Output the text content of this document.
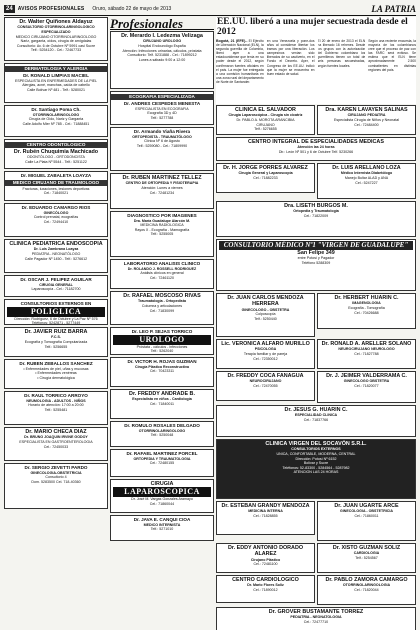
24	AVISOS PROFESIONALES Oruro, sábado 22 de mayo de 2013	LA PATRIA
Profesionales	EE.UU. liberó a una mujer secuestrada desde el 2012
Bogotá, 21 (EFE).- El Ejército de Liberación Nacional (ELN), la segunda guerrilla de Colombia, liberó ayer a una estadounidense que tenía en su poder desde el 2012, según confirmaron fuentes oficiales en el país. La mujer fue entregada a una comisión humanitaria en una zona rural del departamento de Norte de Santander.
en una Venezuela y pone-dos años al considerar libertar los tramos por una liberación. Los campesinos venían sido liberados de su cautiverio, en el Fondo el Decreto. Ayer, el Congreso de los EE.UU. indicó que la mujer se encuentra en buen estado de salud.
El 20 de enero de 2013 el ELN ha liberado 16 rehenes. Desde los grupos con la autorización del Gobierno colombiano los guerrilleros tienen un total de seis personas secuestradas, según fuentes locales.
Según una reciente encuesta, la mayoría de los colombianos cree que el proceso de paz con las FARC será exitoso. Se estima que el ELN tiene aproximadamente 2.500 combatientes en distintas regiones del país.
Dr. Walter Quiñones Aldayuz
CONSULTORIO OTORRINOLARINGOLOGICO ESPECIALIZADO
MEDICO CIRUJANO OTORRINOLARINGOLOGO
Nariz, garganta, oídos, cirugía de amígdalas
Consultorio: Av. 6 de Octubre Nº 5991 casi Sucre
Telf.: 5254120 - Cel.: 72467733
DERMATOLOGIA Y ALERGIA
Dr. RONALD LIMPIAS MACIEL
ESPECIALISTA EN ENFERMEDADES DE LA PIEL
Alergias, acné, manchas, caída de cabello
Calle Bolívar Nº 481 - Telf.: 5280021
Dr. Santiago Poma Ch.
OTORRINOLARINGOLOGO
Cirugía de Oído, Nariz y Garganta
Calle Adolfo Mier Nº 785 - Cel.: 71888451
CENTRO ODONTOLOGICO
Dr. Rubén Chuquimia Machicado
ODONTÓLOGO - ORTODONCISTA
Calle La Plata Nº 5544 - Telf.: 5251122
Dr. MIGUEL ZABALETA LOAYZA
MEDICO CIRUJANO DE TRAUMOLOGO
Fracturas, luxaciones, lesiones deportivas
Cel.: 71840021
Dr. EDUARDO CAMARGO RIOS
GINECÓLOGO
Control prenatal, ecografías
Cel.: 72494410
CLINICA PEDIATRICA ENDOSCOPIA
Dr. Luis Zambrana Loayza
PEDIATRA - NEONATÓLOGO
Calle Pagador Nº 1450 - Telf.: 5276612
Dr. OSCAR J. FELIPEZ AGUILAR
CIRUGIA GENERAL
Laparoscopía - Cel.: 71182700
CONSULTORIOS EXTERNOS EN
POLIGLICA
Dirección: Rodríguez, 6 de Octubre y La Paz Nº 576
Teléfonos: 5242871 - 5277449
Dr. JAVIER RUIZ BARRA
F.C.S.
Ecografía y Tomografía Computarizada
Telf.: 5256655
Dr. RUBEN ZEBALLOS SANCHEZ
• Enfermedades de piel, uñas y mucosas
• Enfermedades venéreas
• Cirugía dermatológica
Dr. RAUL TORRICO ARROYO
NEUMOLOGIA - ADULTOS - NIÑOS
Horario de atención: 17:00 a 20:00
Telf.: 5255481
Dr. MARIO CHECA DIAZ
Dr. BRUNO JOAQUIN IRVINE GODOY
ESPECIALISTA EN GASTROENTEROLOGIA
Cel.: 72450033
Dr. SERGIO ZEVETTI PARDO
GINECOLOGIA-OBSTETRICIA
Consultorio 4
Dom. 5283500 Cel. 718-40360
Dr. Merardo I. Ledezma Velizaga
CIRUJANO UROLOGO
Hospital Endourológo España
Atención: Infecciones urinarias, cálculos, próstata
Consultorio: Telf. 5231888 - Cel.: 71899212
Lunes a sábado 9:00 a 12:00
ECOGRAFIA ESPECIALIZADA
Dr. ANDRES CESPEDES MENESTA
ESPECIALISTA EN ECOGRAFIA
Ecografía 3D y 4D
Telf.: 5277788
Dr. Armando Viaña Rivera
ORTOPEDISTA - TRAUMATÓLOGO
Clínica Nº 6 de Agosto
Telf.: 5259080 - Cel.: 71809990
Dr. RUBEN MARTINEZ TELLEZ
CENTRO DE ORTOPEDIA Y FISIOTERAPIA
Atención: Lunes a viernes
Cel.: 72481234
DIAGNOSTICO POR IMAGENES
Dra. María Guadalupe Alarcón M.
MEDICINA RADIOLOGICA
Rayos X - Ecografía - Mamografía
Telf.: 5255005
LABORATORIO ANALISIS CLINICO
Dr. ROLANDO J. ROSSELL RODRIGUEZ
Análisis clínicos en general
Cel.: 72461120
Dr. RAFAEL MOSCOSO RIVAS
Traumatología - Ortopedista
Columna y articulaciones
Cel.: 71830099
Dr. LEO P. SEJAS TORRICO
UROLOGO
Próstata - cálculos - infecciones
Telf.: 5262040
Dr. VICTOR H. ROJAS GUZMAN
Cirugía Plástica Reconstructiva
Cel.: 70423311
Dr. FREDDY ANDRADE B.
Especialista en niños - Cardiología
Cel.: 71840011
Dr. ROMULO ROSALES DELGADO
OTORRINOLARINGOLOGO
Telf.: 5250048
Dr. RAFAEL MARTINEZ PORCEL
ORTOPEDIA Y TRAUMATOLOGIA
Cel.: 72480155
CIRUGIA
LAPAROSCOPICA
Dr. José M. Vargas Gonzales Aramayo
Cel.: 71860044
Dr. JAVA E. CANQUI CIOA
MEDICO INTERNISTA
Telf.: 5271010
CLINICA EL SALVADOR
Cirugía Laparoscópica - Cirugía sin cicatriz
Dr. PABLO A. MOROTA ARANCIBIA
CIRUJANO
Telf.: 5276655
Dra. KAREN LAVAYEN SALINAS
CIRUJANO PEDIATRA
Especialista Cirugía de Niños y Neonatal
Cel.: 72484400
CENTRO INTEGRAL DE ESPECIALIDADES MEDICAS
Atención las 24 horas
Dir.: León Nº 501 y 6 de Octubre Telf. 5230266
Dr. H. JORGE PORRES ALVAREZ
Cirugía General y Laparoscopía
Cel.: 71882233
Dr. LUIS ARELLANO LOZA
Médico Internista Diabetólogo
Manejo Bultar ALAD y ANA
Cel.: 5247227
Dra. LISETH BURGOS M.
Ortopedia y Traumatología
Cel.: 71822009
CONSULTORIO MÉDICO Nº1 "VIRGEN DE GUADALUPE"
San Felipe 349
entre Potosí y Pagador
Teléfono 5288309
Dr. JUAN CARLOS MENDOZA HERRERA
GINECOLOGO - OBSTETRA
Colposcopía
Telf.: 5250440
Dr. HERBERT HUARIN C.
IMAGENOLOGIA
Ecografía - Tomografía
Cel.: 70426688
Lic. VERONICA ALFARO MURILLO
PSICOLOGA
Terapia familiar y de pareja
Cel.: 72350012
Dr. RONALD A. ARELLER SOLANO
NEUROCIRUJANO NEUROLOGO
Cel.: 71827788
Dr. FREDDY COCA FANAGUA
NEUROCIRUJANO
Cel.: 72470055
Dr. J. JEIMER VALDERRAMA C.
GINECOLOGO OBSTETRA
Cel.: 71820077
Dr. JESUS G. HUARIN C.
ESPECIALIDAD CLINICA
Cel.: 71837766
CLINICA VIRGEN DEL SOCAVÓN S.R.L.
CONSULTORIOS EXTERNOS
UNICA, CONFORTABLE, MODERNA, CENTRAL
Dirección: Potosí Nº 6152
Bolívar y Sucre
Teléfonos: 52-83300 - 5284564 - 5287982
ATENCION LAS 24 HORAS
Dr. ESTEBAN GRANDY MENDOZA
MEDICINA INTERNA
Cel.: 71828855
Dr. JUAN UGARTE ARCE
GINECOLOGIA - OBSTETRICIA
Cel.: 71860011
Dr. EDDY ANTONIO DORADO ALAREZ
Cirujano Plástico
Cel.: 72481100
Dr. XISTO GUZMAN SOLIZ
CARDIOLOGIA
Telf.: 5254567
CENTRO CARDIOLOGICO
Dr. Mario Flores Soliz
Cel.: 71890012
Dr. PABLO ZAMORA CAMARGO
OTORRINOLARINGOLOGIA
Cel.: 71820044
Dr. GROVER BUSTAMANTE TORREZ
PEDIATRIA - NEONATOLOGIA
Cel.: 72477710
